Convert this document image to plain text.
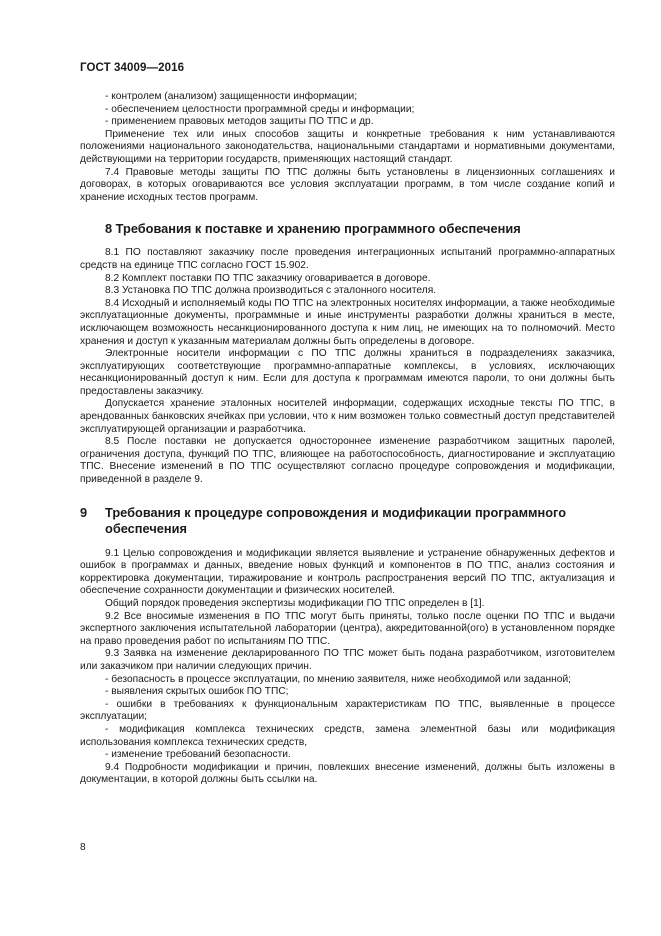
ГОСТ 34009—2016

- контролем (анализом) защищенности информации;

- обеспечением целостности программной среды и информации;

- применением правовых методов защиты ПО ТПС и др.

Применение тех или иных способов защиты и конкретные требования к ним устанавливаются положениями национального законодательства, национальными стандартами и нормативными документами, действующими на территории государств, применяющих настоящий стандарт.

7.4 Правовые методы защиты ПО ТПС должны быть установлены в лицензионных соглашениях и договорах, в которых оговариваются все условия эксплуатации программ, в том числе создание копий и хранение исходных тестов программ.

8 Требования к поставке и хранению программного обеспечения

8.1 ПО поставляют заказчику после проведения интеграционных испытаний программно-аппаратных средств на единице ТПС согласно ГОСТ 15.902.

8.2 Комплект поставки ПО ТПС заказчику оговаривается в договоре.

8.3 Установка ПО ТПС должна производиться с эталонного носителя.

8.4 Исходный и исполняемый коды ПО ТПС на электронных носителях информации, а также необходимые эксплуатационные документы, программные и иные инструменты разработки должны храниться в месте, исключающем возможность несанкционированного доступа к ним лиц, не имеющих на то полномочий. Место хранения и доступ к указанным материалам должны быть определены в договоре.

Электронные носители информации с ПО ТПС должны храниться в подразделениях заказчика, эксплуатирующих соответствующие программно-аппаратные комплексы, в условиях, исключающих несанкционированный доступ к ним. Если для доступа к программам имеются пароли, то они должны быть предоставлены заказчику.

Допускается хранение эталонных носителей информации, содержащих исходные тексты ПО ТПС, в арендованных банковских ячейках при условии, что к ним возможен только совместный доступ представителей эксплуатирующей организации и разработчика.

8.5 После поставки не допускается одностороннее изменение разработчиком защитных паролей, ограничения доступа, функций ПО ТПС, влияющее на работоспособность, диагностирование и эксплуатацию ТПС. Внесение изменений в ПО ТПС осуществляют согласно процедуре сопровождения и модификации, приведенной в разделе 9.

9 Требования к процедуре сопровождения и модификации программного обеспечения

9.1 Целью сопровождения и модификации является выявление и устранение обнаруженных дефектов и ошибок в программах и данных, введение новых функций и компонентов в ПО ТПС, анализ состояния и корректировка документации, тиражирование и контроль распространения версий ПО ТПС, актуализация и обеспечение сохранности документации и физических носителей.

Общий порядок проведения экспертизы модификации ПО ТПС определен в [1].

9.2 Все вносимые изменения в ПО ТПС могут быть приняты, только после оценки ПО ТПС и выдачи экспертного заключения испытательной лаборатории (центра), аккредитованной(ого) в установленном порядке на право проведения работ по испытаниям ПО ТПС.

9.3 Заявка на изменение декларированного ПО ТПС может быть подана разработчиком, изготовителем или заказчиком при наличии следующих причин.

- безопасность в процессе эксплуатации, по мнению заявителя, ниже необходимой или заданной;

- выявления скрытых ошибок ПО ТПС;

- ошибки в требованиях к функциональным характеристикам ПО ТПС, выявленные в процессе эксплуатации;

- модификация комплекса технических средств, замена элементной базы или модификация использования комплекса технических средств,

- изменение требований безопасности.

9.4 Подробности модификации и причин, повлекших внесение изменений, должны быть изложены в документации, в которой должны быть ссылки на.

8
